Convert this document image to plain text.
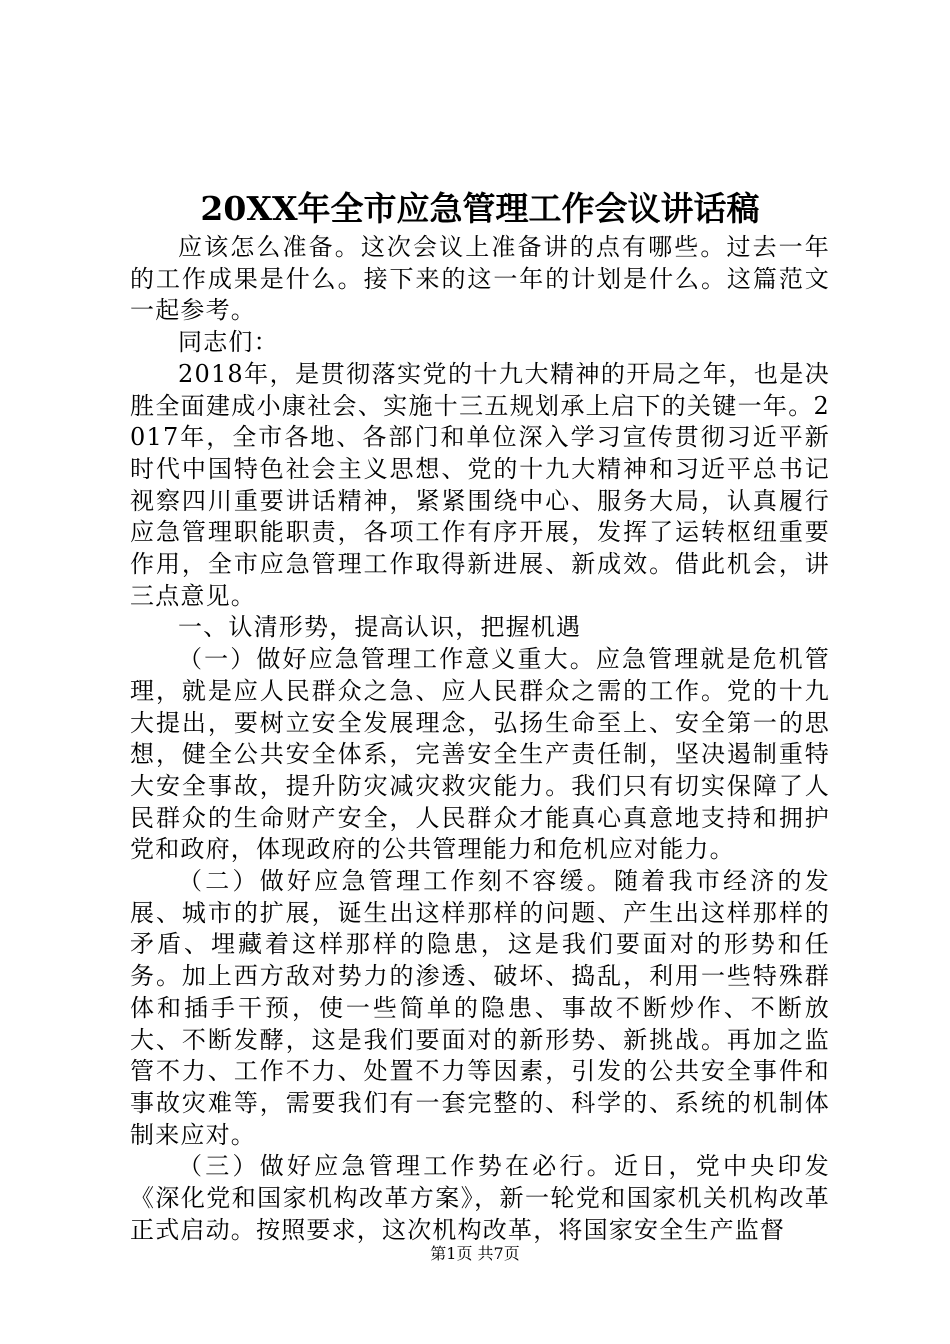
20XX年全市应急管理工作会议讲话稿

应该怎么准备。这次会议上准备讲的点有哪些。过去一年的工作成果是什么。接下来的这一年的计划是什么。这篇范文一起参考。

同志们：

2018年，是贯彻落实党的十九大精神的开局之年，也是决胜全面建成小康社会、实施十三五规划承上启下的关键一年。2017年，全市各地、各部门和单位深入学习宣传贯彻习近平新时代中国特色社会主义思想、党的十九大精神和习近平总书记视察四川重要讲话精神，紧紧围绕中心、服务大局，认真履行应急管理职能职责，各项工作有序开展，发挥了运转枢纽重要作用，全市应急管理工作取得新进展、新成效。借此机会，讲三点意见。

一、认清形势，提高认识，把握机遇

（一）做好应急管理工作意义重大。应急管理就是危机管理，就是应人民群众之急、应人民群众之需的工作。党的十九大提出，要树立安全发展理念，弘扬生命至上、安全第一的思想，健全公共安全体系，完善安全生产责任制，坚决遏制重特大安全事故，提升防灾减灾救灾能力。我们只有切实保障了人民群众的生命财产安全，人民群众才能真心真意地支持和拥护党和政府，体现政府的公共管理能力和危机应对能力。

（二）做好应急管理工作刻不容缓。随着我市经济的发展、城市的扩展，诞生出这样那样的问题、产生出这样那样的矛盾、埋藏着这样那样的隐患，这是我们要面对的形势和任务。加上西方敌对势力的渗透、破坏、捣乱，利用一些特殊群体和插手干预，使一些简单的隐患、事故不断炒作、不断放大、不断发酵，这是我们要面对的新形势、新挑战。再加之监管不力、工作不力、处置不力等因素，引发的公共安全事件和事故灾难等，需要我们有一套完整的、科学的、系统的机制体制来应对。

（三）做好应急管理工作势在必行。近日，党中央印发《深化党和国家机构改革方案》，新一轮党和国家机关机构改革正式启动。按照要求，这次机构改革，将国家安全生产监督

第1页 共7页
